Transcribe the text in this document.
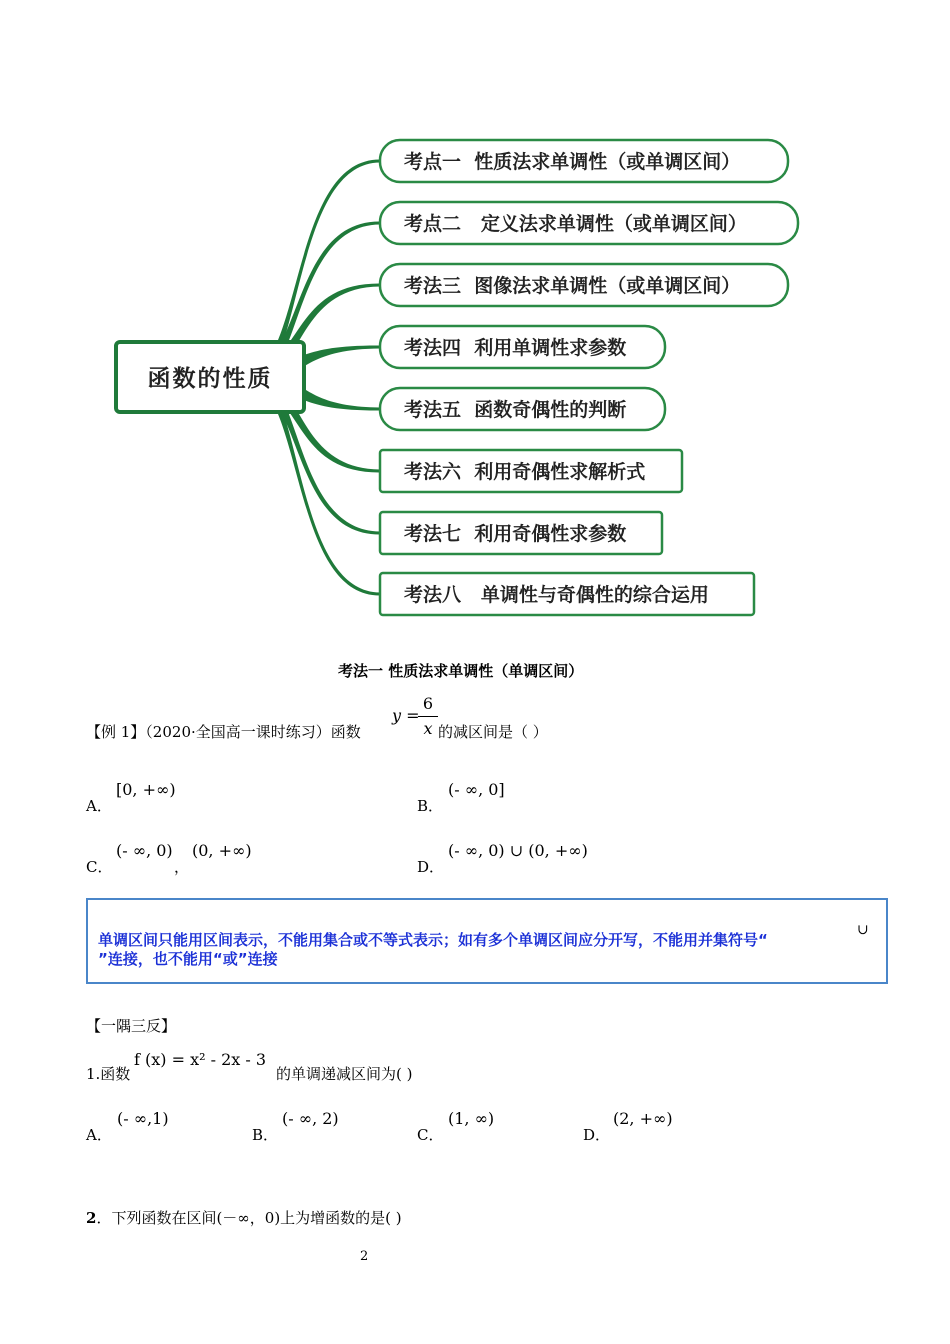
函数的性质
考点一  性质法求单调性（或单调区间）
考点二   定义法求单调性（或单调区间）
考法三  图像法求单调性（或单调区间）
考法四  利用单调性求参数
考法五  函数奇偶性的判断
考法六  利用奇偶性求解析式
考法七  利用奇偶性求参数
考法八   单调性与奇偶性的综合运用
考法一 性质法求单调性（单调区间）
【例 1】（2020·全国高一课时练习）函数
y =
6
x 的减区间是（ ）
A．
[0, +∞)
B．
(- ∞, 0]
C．
(- ∞, 0)
，
(0, +∞)
D．
(- ∞, 0) ∪ (0, +∞)
单调区间只能用区间表示，不能用集合或不等式表示；如有多个单调区间应分开写，不能用并集符号“
∪
”连接，也不能用“或”连接
【一隅三反】
1.函数
f (x) = x² - 2x - 3
的单调递减区间为( )
A．
(- ∞,1)
B．
(- ∞, 2)
C．
(1, ∞)
D．
(2, +∞)
2．下列函数在区间(－∞，0)上为增函数的是( )
2
